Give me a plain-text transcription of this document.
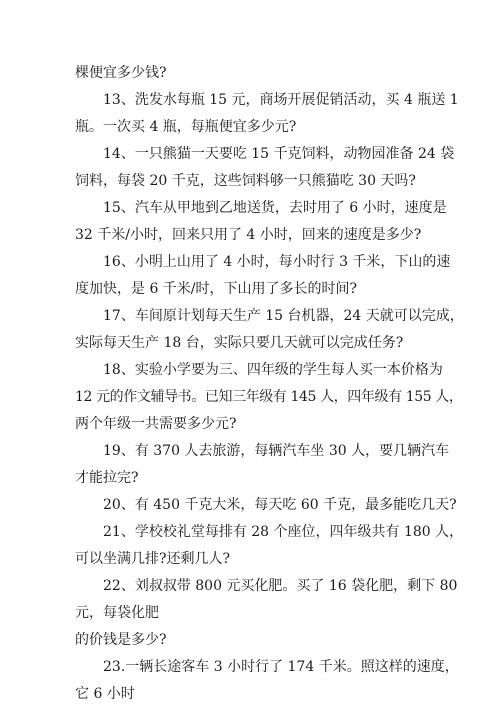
棵便宜多少钱?

13、洗发水每瓶 15 元，商场开展促销活动，买 4 瓶送 1

瓶。一次买 4 瓶，每瓶便宜多少元?

14、一只熊猫一天要吃 15 千克饲料，动物园准备 24 袋

饲料，每袋 20 千克，这些饲料够一只熊猫吃 30 天吗?

15、汽车从甲地到乙地送货，去时用了 6 小时，速度是

32 千米/小时，回来只用了 4 小时，回来的速度是多少?

16、小明上山用了 4 小时，每小时行 3 千米，下山的速

度加快，是 6 千米/时，下山用了多长的时间?

17、车间原计划每天生产 15 台机器，24 天就可以完成，

实际每天生产 18 台，实际只要几天就可以完成任务?

18、实验小学要为三、四年级的学生每人买一本价格为

12 元的作文辅导书。已知三年级有 145 人，四年级有 155 人，

两个年级一共需要多少元?

19、有 370 人去旅游，每辆汽车坐 30 人，要几辆汽车

才能拉完?

20、有 450 千克大米，每天吃 60 千克，最多能吃几天?

21、学校校礼堂每排有 28 个座位，四年级共有 180 人，

可以坐满几排?还剩几人?

22、刘叔叔带 800 元买化肥。买了 16 袋化肥，剩下 80

元，每袋化肥

的价钱是多少?

23.一辆长途客车 3 小时行了 174 千米。照这样的速度，

它 6 小时
